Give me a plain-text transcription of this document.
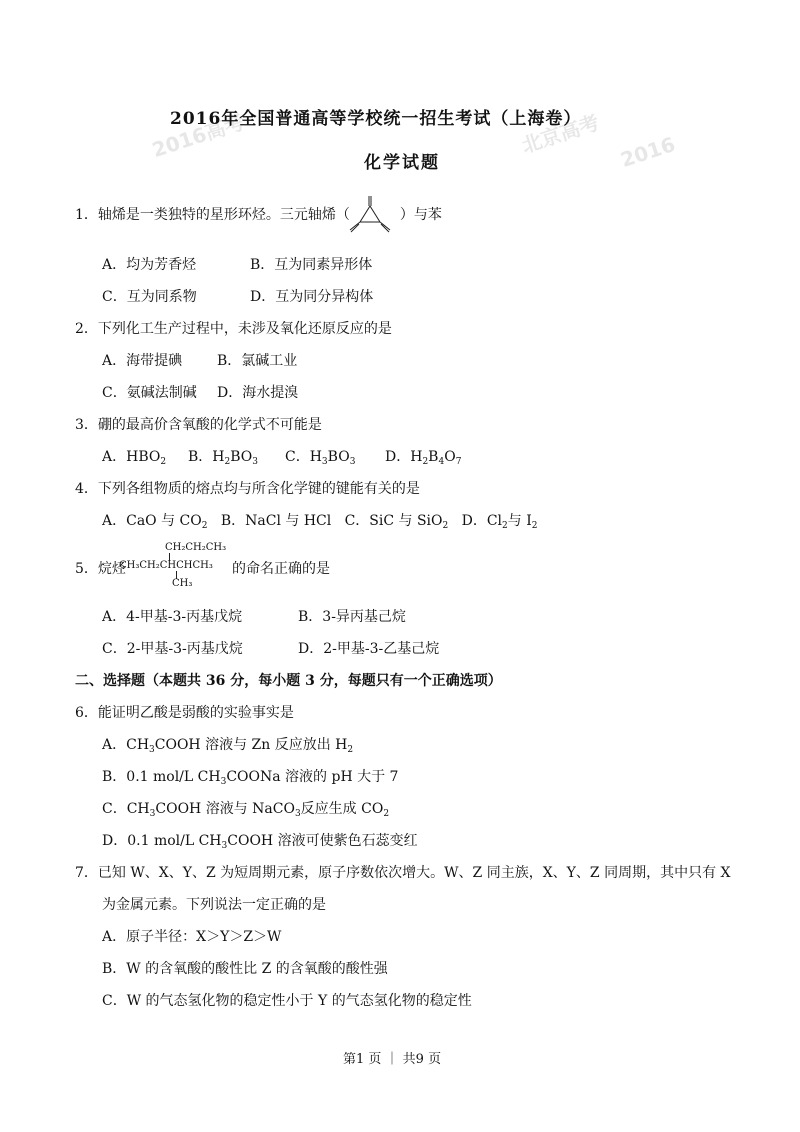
2016高考	北京高考 2016
2016年全国普通高等学校统一招生考试（上海卷）
化学试题
1．轴烯是一类独特的星形环烃。三元轴烯（	）与苯
A．均为芳香烃	B．互为同素异形体
C．互为同系物	D．互为同分异构体
2．下列化工生产过程中，未涉及氧化还原反应的是
A．海带提碘 B．氯碱工业
C．氨碱法制碱 D．海水提溴
3．硼的最高价含氧酸的化学式不可能是
A．$HBO_2$ B．$H_2BO_3$ C．$H_3BO_3$ D．$H_2B_4O_7$
4．下列各组物质的熔点均与所含化学键的键能有关的是
A．CaO 与 $CO_2$ B．NaCl 与 HCl C．SiC 与 SiO$_2$ D．$Cl_2$与 $I_2$
5．烷烃
CH₂CH₂CH₃
CH₃CH₂CHCHCH₃
CH₃
的命名正确的是
A．4-甲基-3-丙基戊烷	B．3-异丙基己烷
C．2-甲基-3-丙基戊烷	D．2-甲基-3-乙基己烷
二、选择题（本题共 36 分，每小题 3 分，每题只有一个正确选项）
6．能证明乙酸是弱酸的实验事实是
A．$CH_3COOH$ 溶液与 Zn 反应放出 $H_2$
B．0.1 mol/L $CH_3COONa$ 溶液的 pH 大于 7
C．$CH_3COOH$ 溶液与 NaCO$_3$反应生成 $CO_2$
D．0.1 mol/L $CH_3COOH$ 溶液可使紫色石蕊变红
7．已知 W、X、Y、Z 为短周期元素，原子序数依次增大。W、Z 同主族，X、Y、Z 同周期，其中只有 X
为金属元素。下列说法一定正确的是
A．原子半径：X＞Y＞Z＞W
B．W 的含氧酸的酸性比 Z 的含氧酸的酸性强
C．W 的气态氢化物的稳定性小于 Y 的气态氢化物的稳定性
第1 页 ｜ 共9 页
